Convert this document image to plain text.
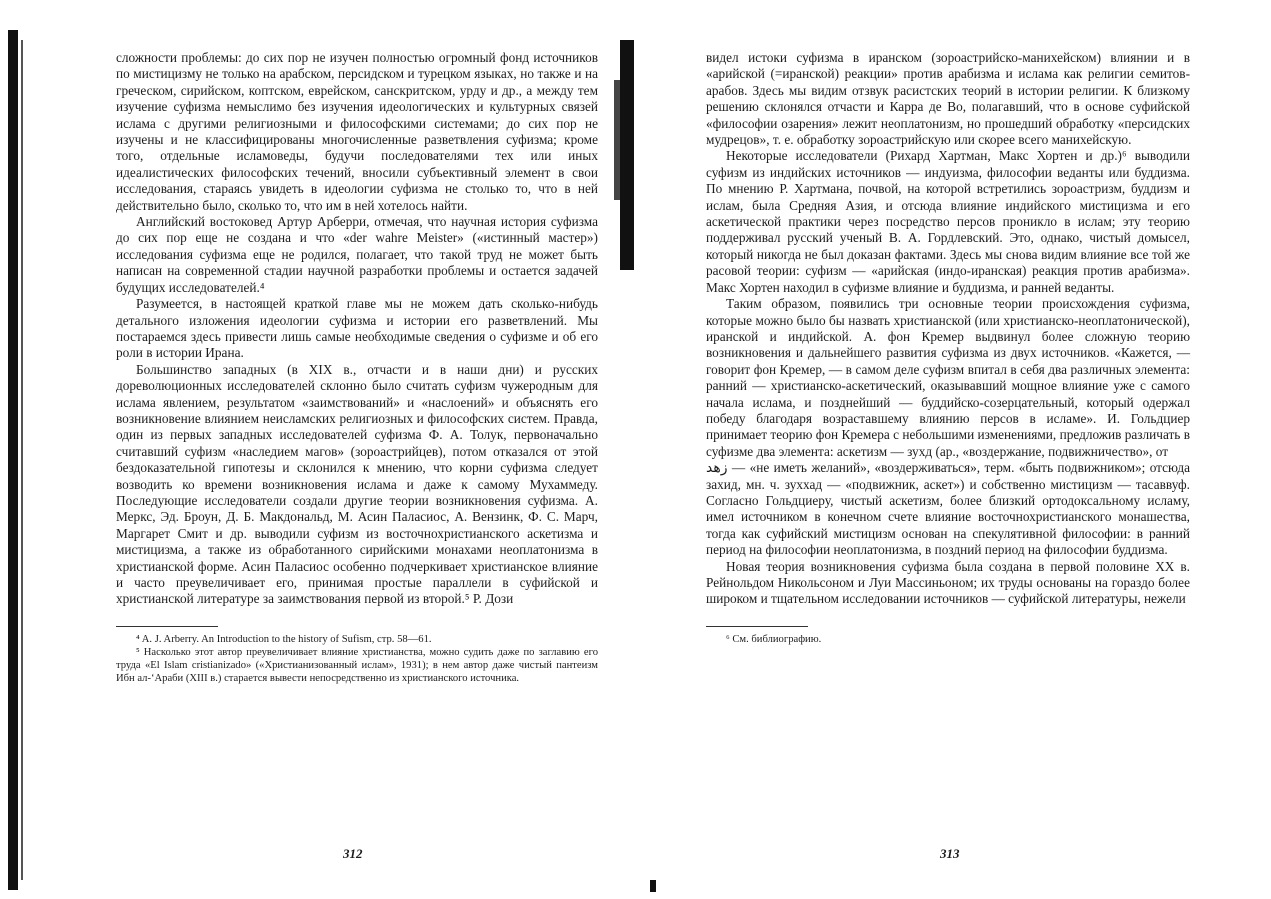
сложности проблемы: до сих пор не изучен полностью огромный фонд источников по мистицизму не только на арабском, персидском и турецком языках, но также и на греческом, сирийском, коптском, еврейском, санскритском, урду и др., а между тем изучение суфизма немыслимо без изучения идеологических и культурных связей ислама с другими религиозными и философскими системами; до сих пор не изучены и не классифицированы многочисленные разветвления суфизма; кроме того, отдельные исламоведы, будучи последователями тех или иных идеалистических философских течений, вносили субъективный элемент в свои исследования, стараясь увидеть в идеологии суфизма не столько то, что в ней действительно было, сколько то, что им в ней хотелось найти.

Английский востоковед Артур Арберри, отмечая, что научная история суфизма до сих пор еще не создана и что «der wahre Meister» («истинный мастер») исследования суфизма еще не родился, полагает, что такой труд не может быть написан на современной стадии научной разработки проблемы и остается задачей будущих исследователей.⁴

Разумеется, в настоящей краткой главе мы не можем дать сколько-нибудь детального изложения идеологии суфизма и истории его разветвлений. Мы постараемся здесь привести лишь самые необходимые сведения о суфизме и об его роли в истории Ирана.

Большинство западных (в XIX в., отчасти и в наши дни) и русских дореволюционных исследователей склонно было считать суфизм чужеродным для ислама явлением, результатом «заимствований» и «наслоений» и объяснять его возникновение влиянием неисламских религиозных и философских систем. Правда, один из первых западных исследователей суфизма Ф. А. Толук, первоначально считавший суфизм «наследием магов» (зороастрийцев), потом отказался от этой бездоказательной гипотезы и склонился к мнению, что корни суфизма следует возводить ко времени возникновения ислама и даже к самому Мухаммеду. Последующие исследователи создали другие теории возникновения суфизма. А. Меркс, Эд. Броун, Д. Б. Макдональд, М. Асин Паласиос, А. Вензинк, Ф. С. Марч, Маргарет Смит и др. выводили суфизм из восточнохристианского аскетизма и мистицизма, а также из обработанного сирийскими монахами неоплатонизма в христианской форме. Асин Паласиос особенно подчеркивает христианское влияние и часто преувеличивает его, принимая простые параллели в суфийской и христианской литературе за заимствования первой из второй.⁵ Р. Дози

⁴ A. J. Arberry. An Introduction to the history of Sufism, стр. 58—61.

⁵ Насколько этот автор преувеличивает влияние христианства, можно судить даже по заглавию его труда «El Islam cristianizado» («Христианизованный ислам», 1931); в нем автор даже чистый пантеизм Ибн ал-‘Араби (XIII в.) старается вывести непосредственно из христианского источника.

312

видел истоки суфизма в иранском (зороастрийско-манихейском) влиянии и в «арийской (=иранской) реакции» против арабизма и ислама как религии семитов-арабов. Здесь мы видим отзвук расистских теорий в истории религии. К близкому решению склонялся отчасти и Карра де Во, полагавший, что в основе суфийской «философии озарения» лежит неоплатонизм, но прошедший обработку «персидских мудрецов», т. е. обработку зороастрийскую или скорее всего манихейскую.

Некоторые исследователи (Рихард Хартман, Макс Хортен и др.)⁶ выводили суфизм из индийских источников — индуизма, философии веданты или буддизма. По мнению Р. Хартмана, почвой, на которой встретились зороастризм, буддизм и ислам, была Средняя Азия, и отсюда влияние индийского мистицизма и его аскетической практики через посредство персов проникло в ислам; эту теорию поддерживал русский ученый В. А. Гордлевский. Это, однако, чистый домысел, который никогда не был доказан фактами. Здесь мы снова видим влияние все той же расовой теории: суфизм — «арийская (индо-иранская) реакция против арабизма». Макс Хортен находил в суфизме влияние и буддизма, и ранней веданты.

Таким образом, появились три основные теории происхождения суфизма, которые можно было бы назвать христианской (или христианско-неоплатонической), иранской и индийской. А. фон Кремер выдвинул более сложную теорию возникновения и дальнейшего развития суфизма из двух источников. «Кажется, — говорит фон Кремер, — в самом деле суфизм впитал в себя два различных элемента: ранний — христианско-аскетический, оказывавший мощное влияние уже с самого начала ислама, и позднейший — буддийско-созерцательный, который одержал победу благодаря возраставшему влиянию персов в исламе». И. Гольдциер принимает теорию фон Кремера с небольшими изменениями, предложив различать в суфизме два элемента: аскетизм — зухд (ар., «воздержание, подвижничество», от

زهد — «не иметь желаний», «воздерживаться», терм. «быть подвижником»; отсюда захид, мн. ч. зуххад — «подвижник, аскет») и собственно мистицизм — тасаввуф. Согласно Гольдциеру, чистый аскетизм, более близкий ортодоксальному исламу, имел источником в конечном счете влияние восточнохристианского монашества, тогда как суфийский мистицизм основан на спекулятивной философии: в ранний период на философии неоплатонизма, в поздний период на философии буддизма.

Новая теория возникновения суфизма была создана в первой половине XX в. Рейнольдом Никольсоном и Луи Массиньоном; их труды основаны на гораздо более широком и тщательном исследовании источников — суфийской литературы, нежели

⁶ См. библиографию.

313
